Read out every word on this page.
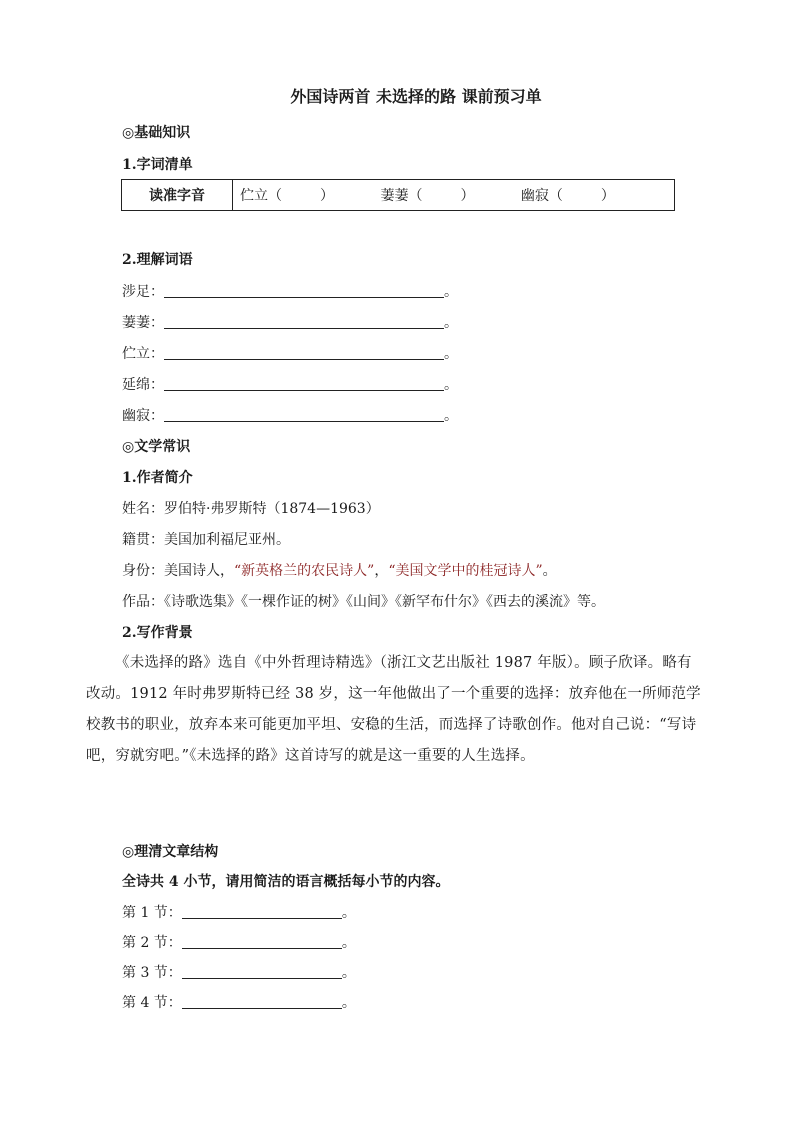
外国诗两首 未选择的路 课前预习单
◎基础知识
1.字词清单
读准字音	伫立（	）	萋萋（	）	幽寂（	）
2.理解词语
涉足：	。
萋萋：	。
伫立：	。
延绵：	。
幽寂：	。
◎文学常识
1.作者简介
姓名：罗伯特·弗罗斯特（1874—1963）
籍贯：美国加利福尼亚州。
身份：美国诗人，“新英格兰的农民诗人”，“美国文学中的桂冠诗人”。
作品：《诗歌选集》《一棵作证的树》《山间》《新罕布什尔》《西去的溪流》等。
2.写作背景
《未选择的路》选自《中外哲理诗精选》（浙江文艺出版社 1987 年版）。顾子欣译。略有改动。1912 年时弗罗斯特已经 38 岁，这一年他做出了一个重要的选择：放弃他在一所师范学校教书的职业，放弃本来可能更加平坦、安稳的生活，而选择了诗歌创作。他对自己说：“写诗吧，穷就穷吧。”《未选择的路》这首诗写的就是这一重要的人生选择。
◎理清文章结构
全诗共 4 小节，请用简洁的语言概括每小节的内容。
第 1 节：	。
第 2 节：	。
第 3 节：	。
第 4 节：	。
